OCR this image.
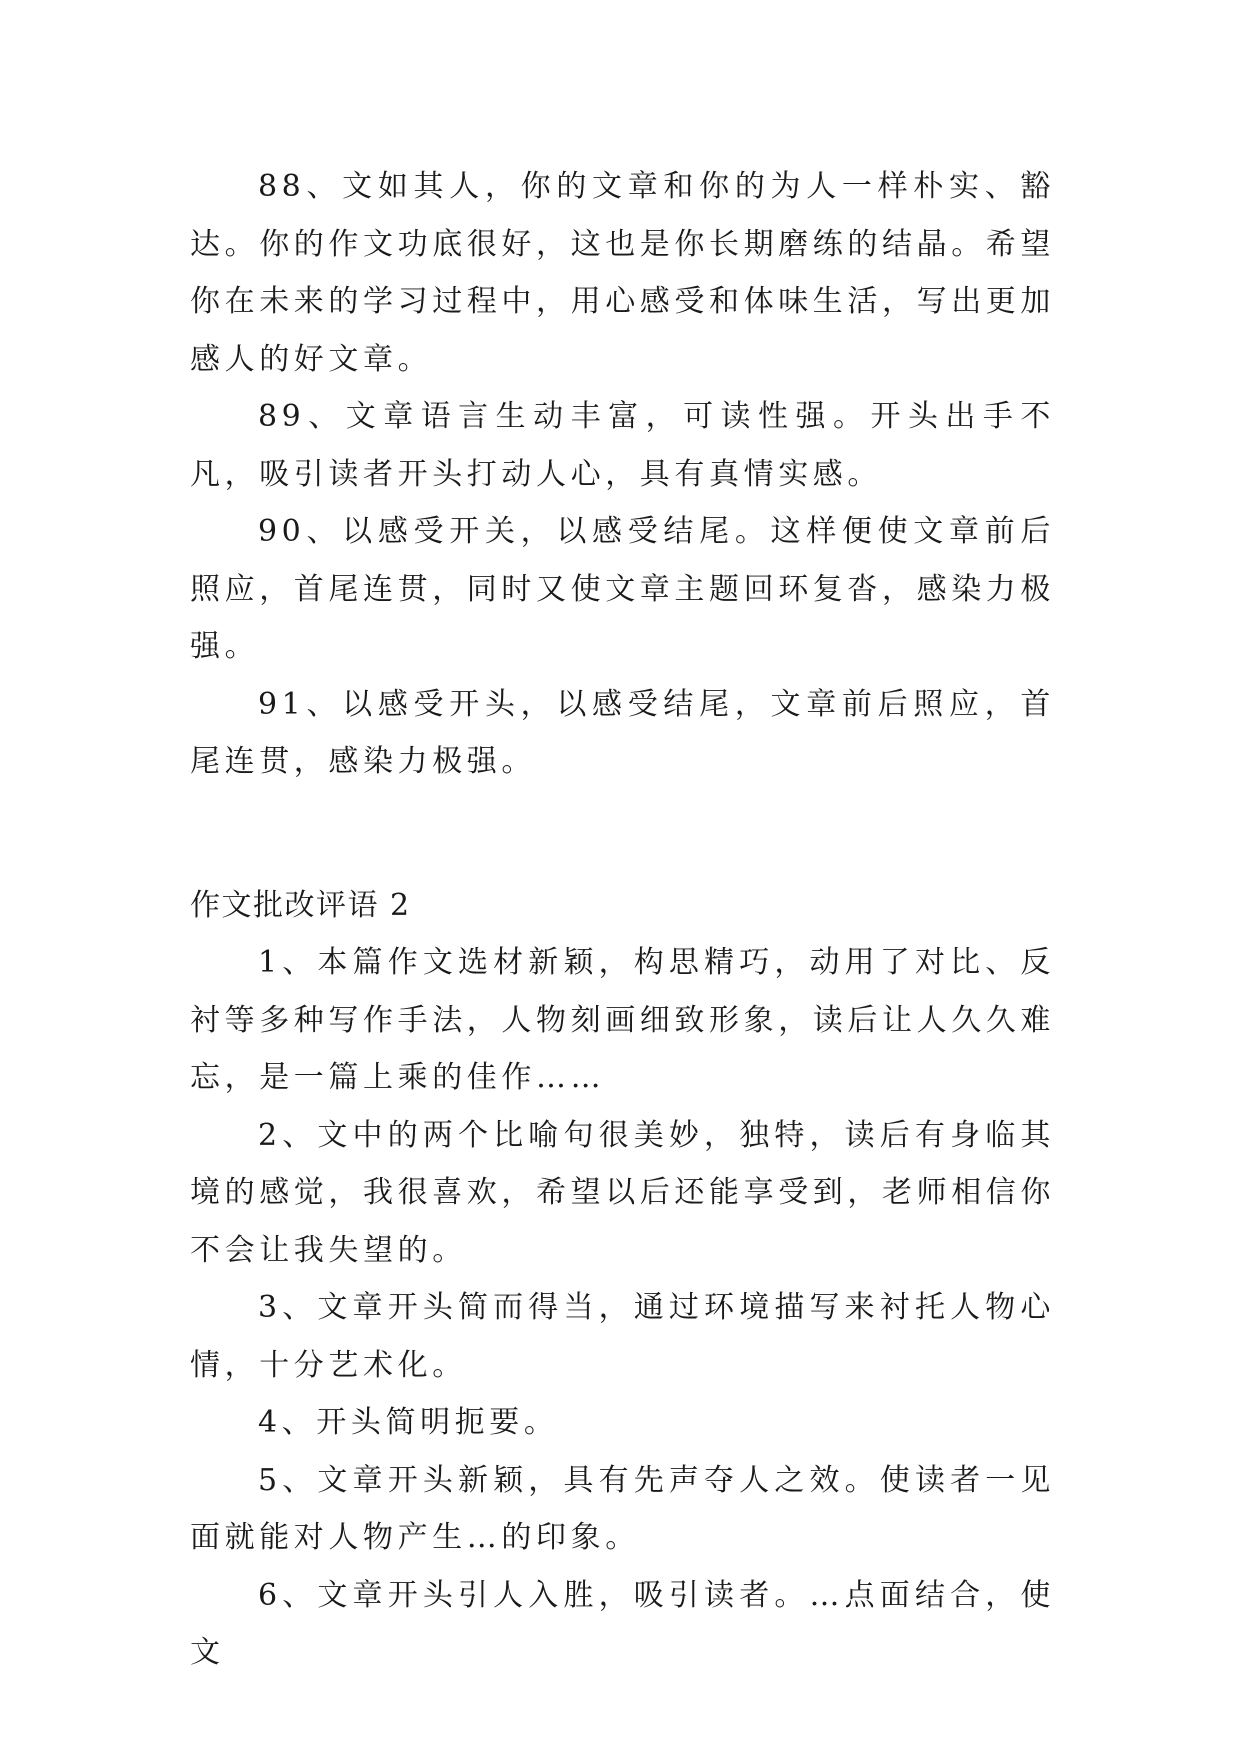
88、文如其人，你的文章和你的为人一样朴实、豁达。你的作文功底很好，这也是你长期磨练的结晶。希望你在未来的学习过程中，用心感受和体味生活，写出更加感人的好文章。

89、文章语言生动丰富，可读性强。开头出手不凡，吸引读者开头打动人心，具有真情实感。

90、以感受开关，以感受结尾。这样便使文章前后照应，首尾连贯，同时又使文章主题回环复沓，感染力极强。

91、以感受开头，以感受结尾，文章前后照应，首尾连贯，感染力极强。

作文批改评语 2

1、本篇作文选材新颖，构思精巧，动用了对比、反衬等多种写作手法，人物刻画细致形象，读后让人久久难忘，是一篇上乘的佳作……

2、文中的两个比喻句很美妙，独特，读后有身临其境的感觉，我很喜欢，希望以后还能享受到，老师相信你不会让我失望的。

3、文章开头简而得当，通过环境描写来衬托人物心情，十分艺术化。

4、开头简明扼要。

5、文章开头新颖，具有先声夺人之效。使读者一见面就能对人物产生…的印象。

6、文章开头引人入胜，吸引读者。…点面结合，使文
